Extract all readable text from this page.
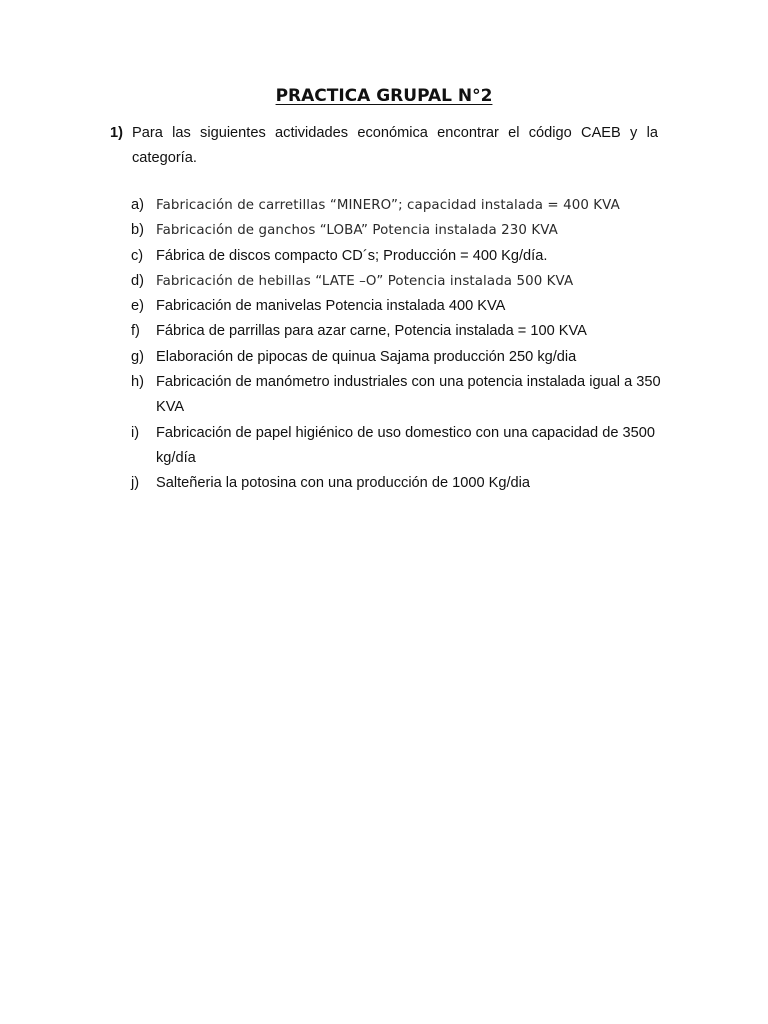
PRACTICA GRUPAL N°2
1) Para las siguientes actividades económica encontrar el código CAEB y la categoría.
a) Fabricación de carretillas “MINERO”; capacidad instalada = 400 KVA
b) Fabricación de ganchos “LOBA” Potencia instalada 230 KVA
c) Fábrica de discos compacto CD´s; Producción = 400 Kg/día.
d) Fabricación de hebillas “LATE –O” Potencia instalada 500 KVA
e) Fabricación de manivelas Potencia instalada 400 KVA
f) Fábrica de parrillas para azar carne, Potencia instalada = 100 KVA
g) Elaboración de pipocas de quinua Sajama producción 250 kg/dia
h) Fabricación de manómetro industriales con una potencia instalada igual a 350 KVA
i) Fabricación de papel higiénico de uso domestico con una capacidad de 3500 kg/día
j) Salteñeria la potosina con una producción de 1000 Kg/dia
